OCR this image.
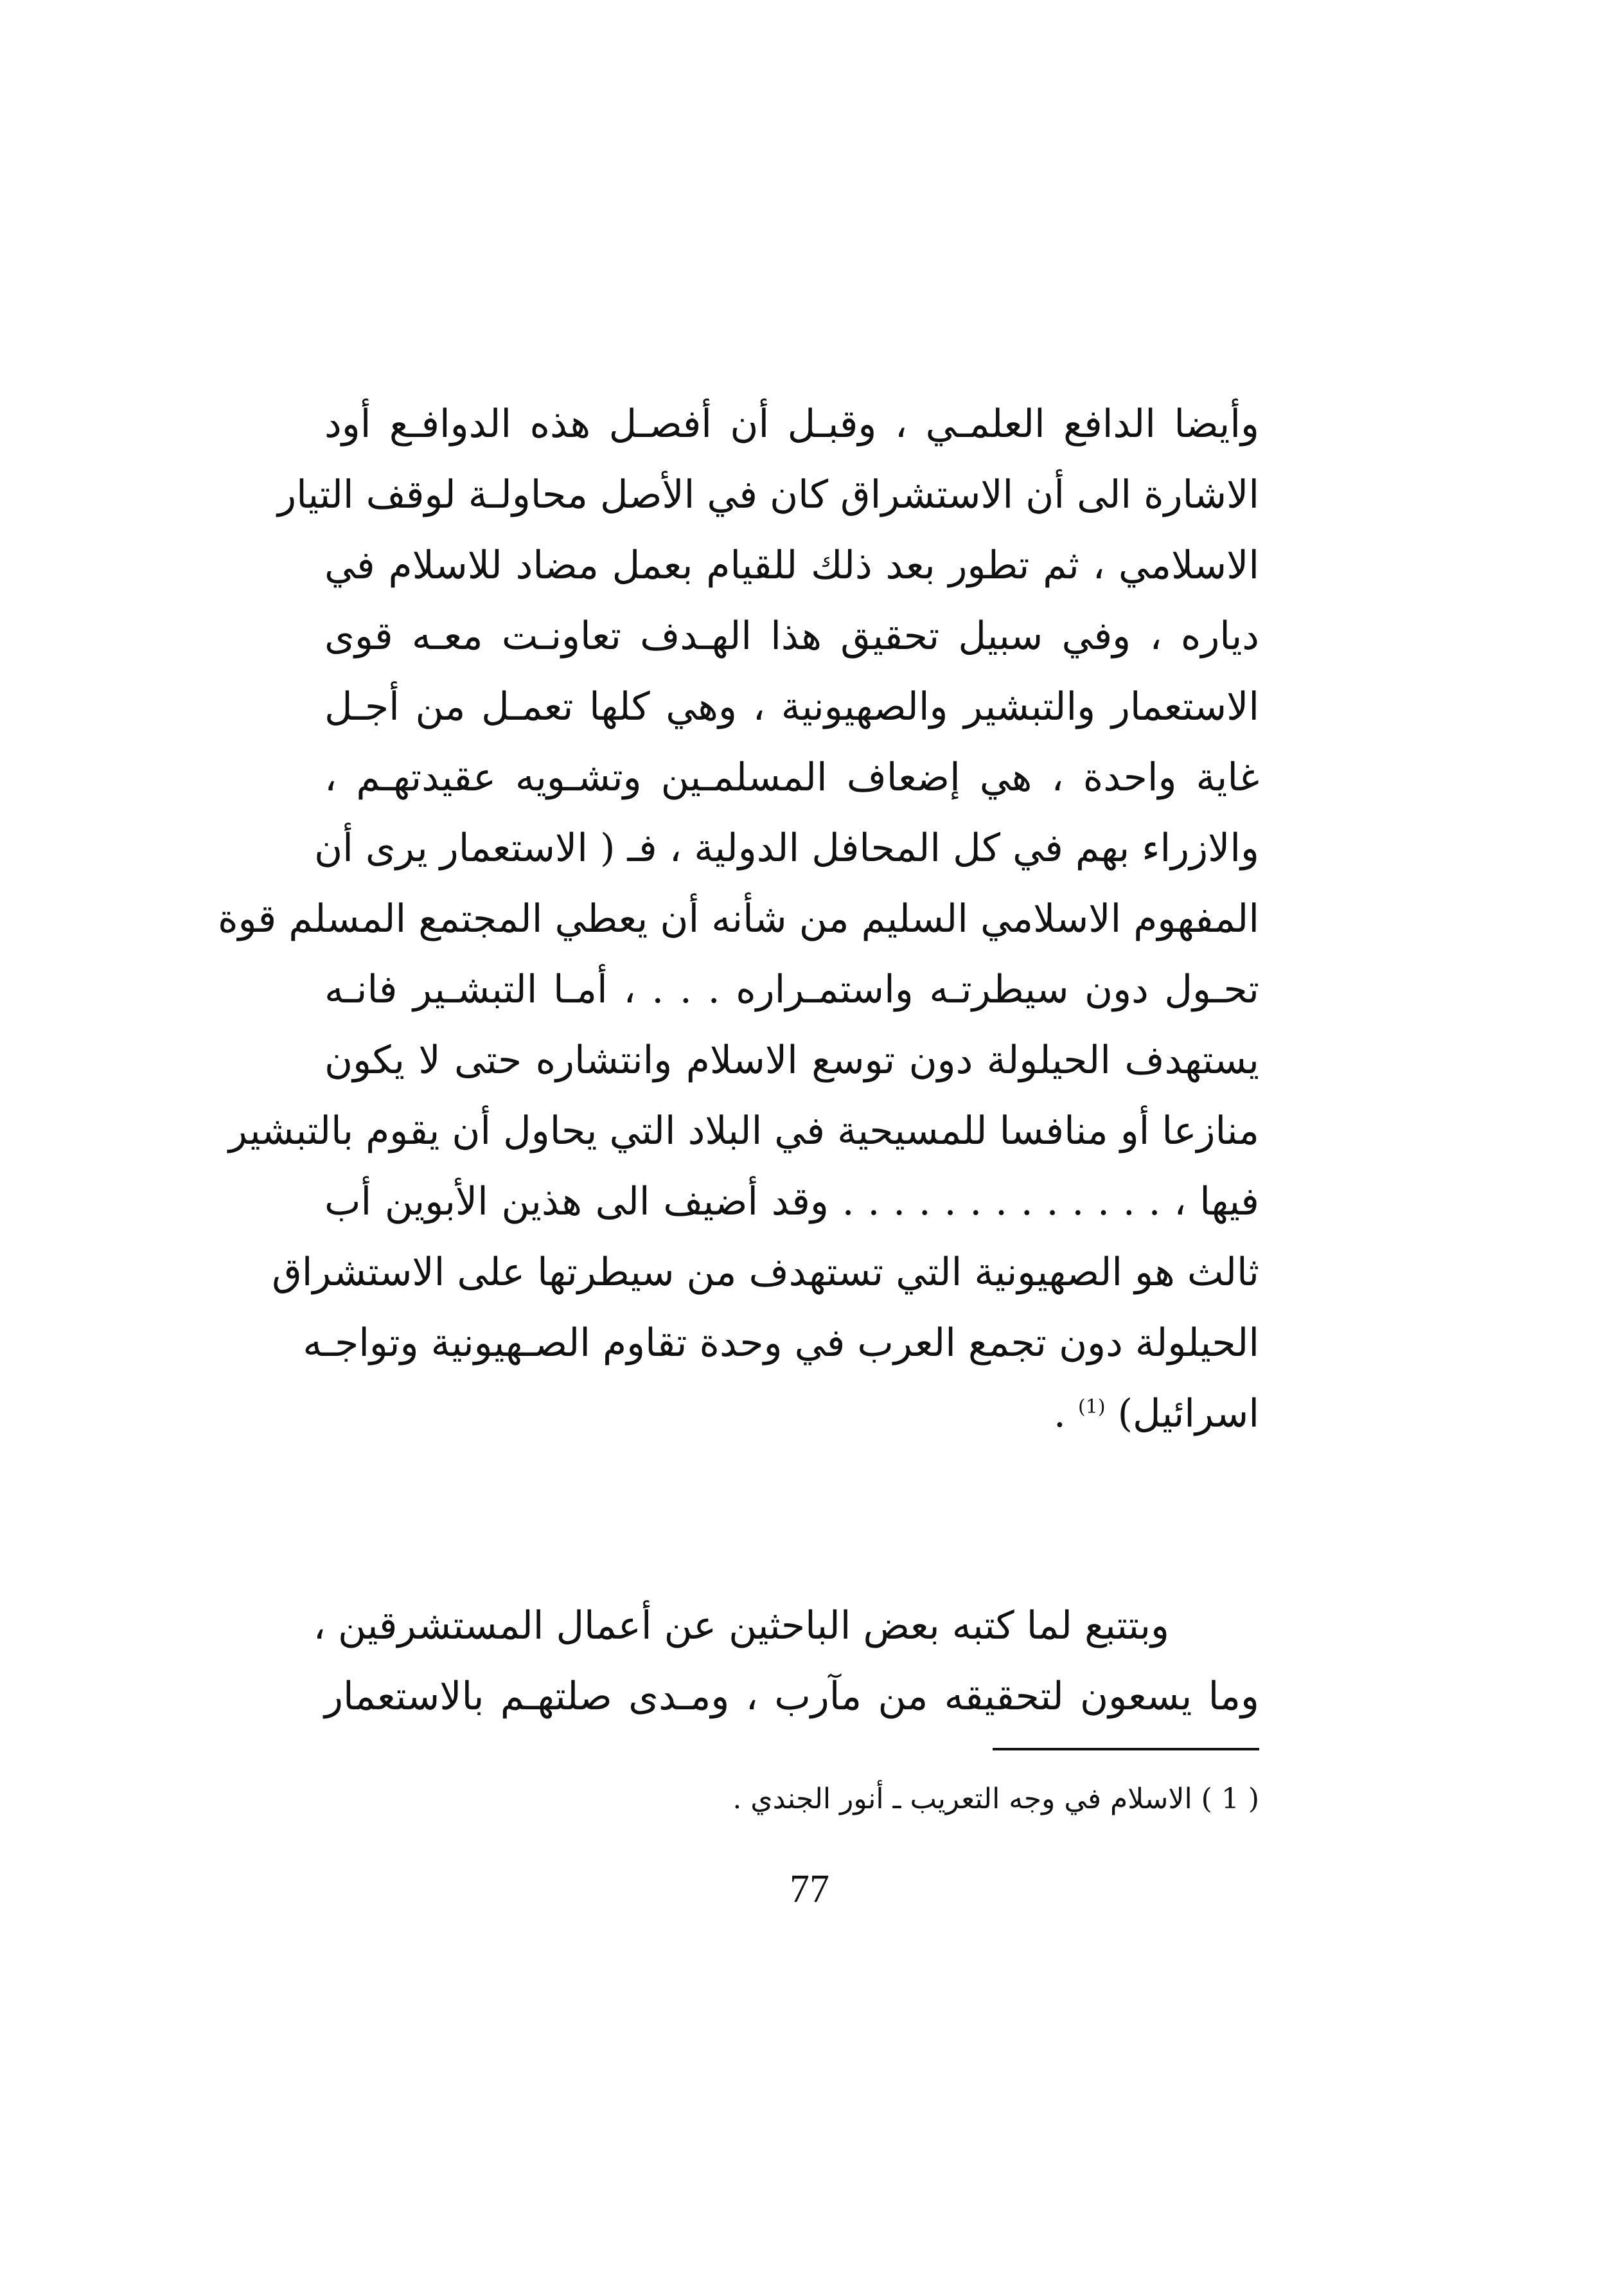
وأيضا الدافع العلمـي ، وقبـل أن أفصـل هذه الدوافـع أود
الاشارة الى أن الاستشراق كان في الأصل محاولـة لوقف التيار
الاسلامي ، ثم تطور بعد ذلك للقيام بعمل مضاد للاسلام في
دياره ، وفي سبيل تحقيق هذا الهـدف تعاونـت معـه قوى
الاستعمار والتبشير والصهيونية ، وهي كلها تعمـل من أجـل
غاية واحدة ، هي إضعاف المسلمـين وتشـويه عقيدتهـم ،
والازراء بهم في كل المحافل الدولية ، فـ ( الاستعمار يرى أن
المفهوم الاسلامي السليم من شأنه أن يعطي المجتمع المسلم قوة
تحـول دون سيطرتـه واستمـراره . . . ، أمـا التبشـير فانـه
يستهدف الحيلولة دون توسع الاسلام وانتشاره حتى لا يكون
منازعا أو منافسا للمسيحية في البلاد التي يحاول أن يقوم بالتبشير
فيها ، . . . . . . . . . . . . . وقد أضيف الى هذين الأبوين أب
ثالث هو الصهيونية التي تستهدف من سيطرتها على الاستشراق
الحيلولة دون تجمع العرب في وحدة تقاوم الصـهيونية وتواجـه
اسرائيل) $^{(1)}$ .
وبتتبع لما كتبه بعض الباحثين عن أعمال المستشرقين ،
وما يسعون لتحقيقه من مآرب ، ومـدى صلتهـم بالاستعمار
( 1 ) الاسلام في وجه التعريب ـ أنور الجندي .
77
